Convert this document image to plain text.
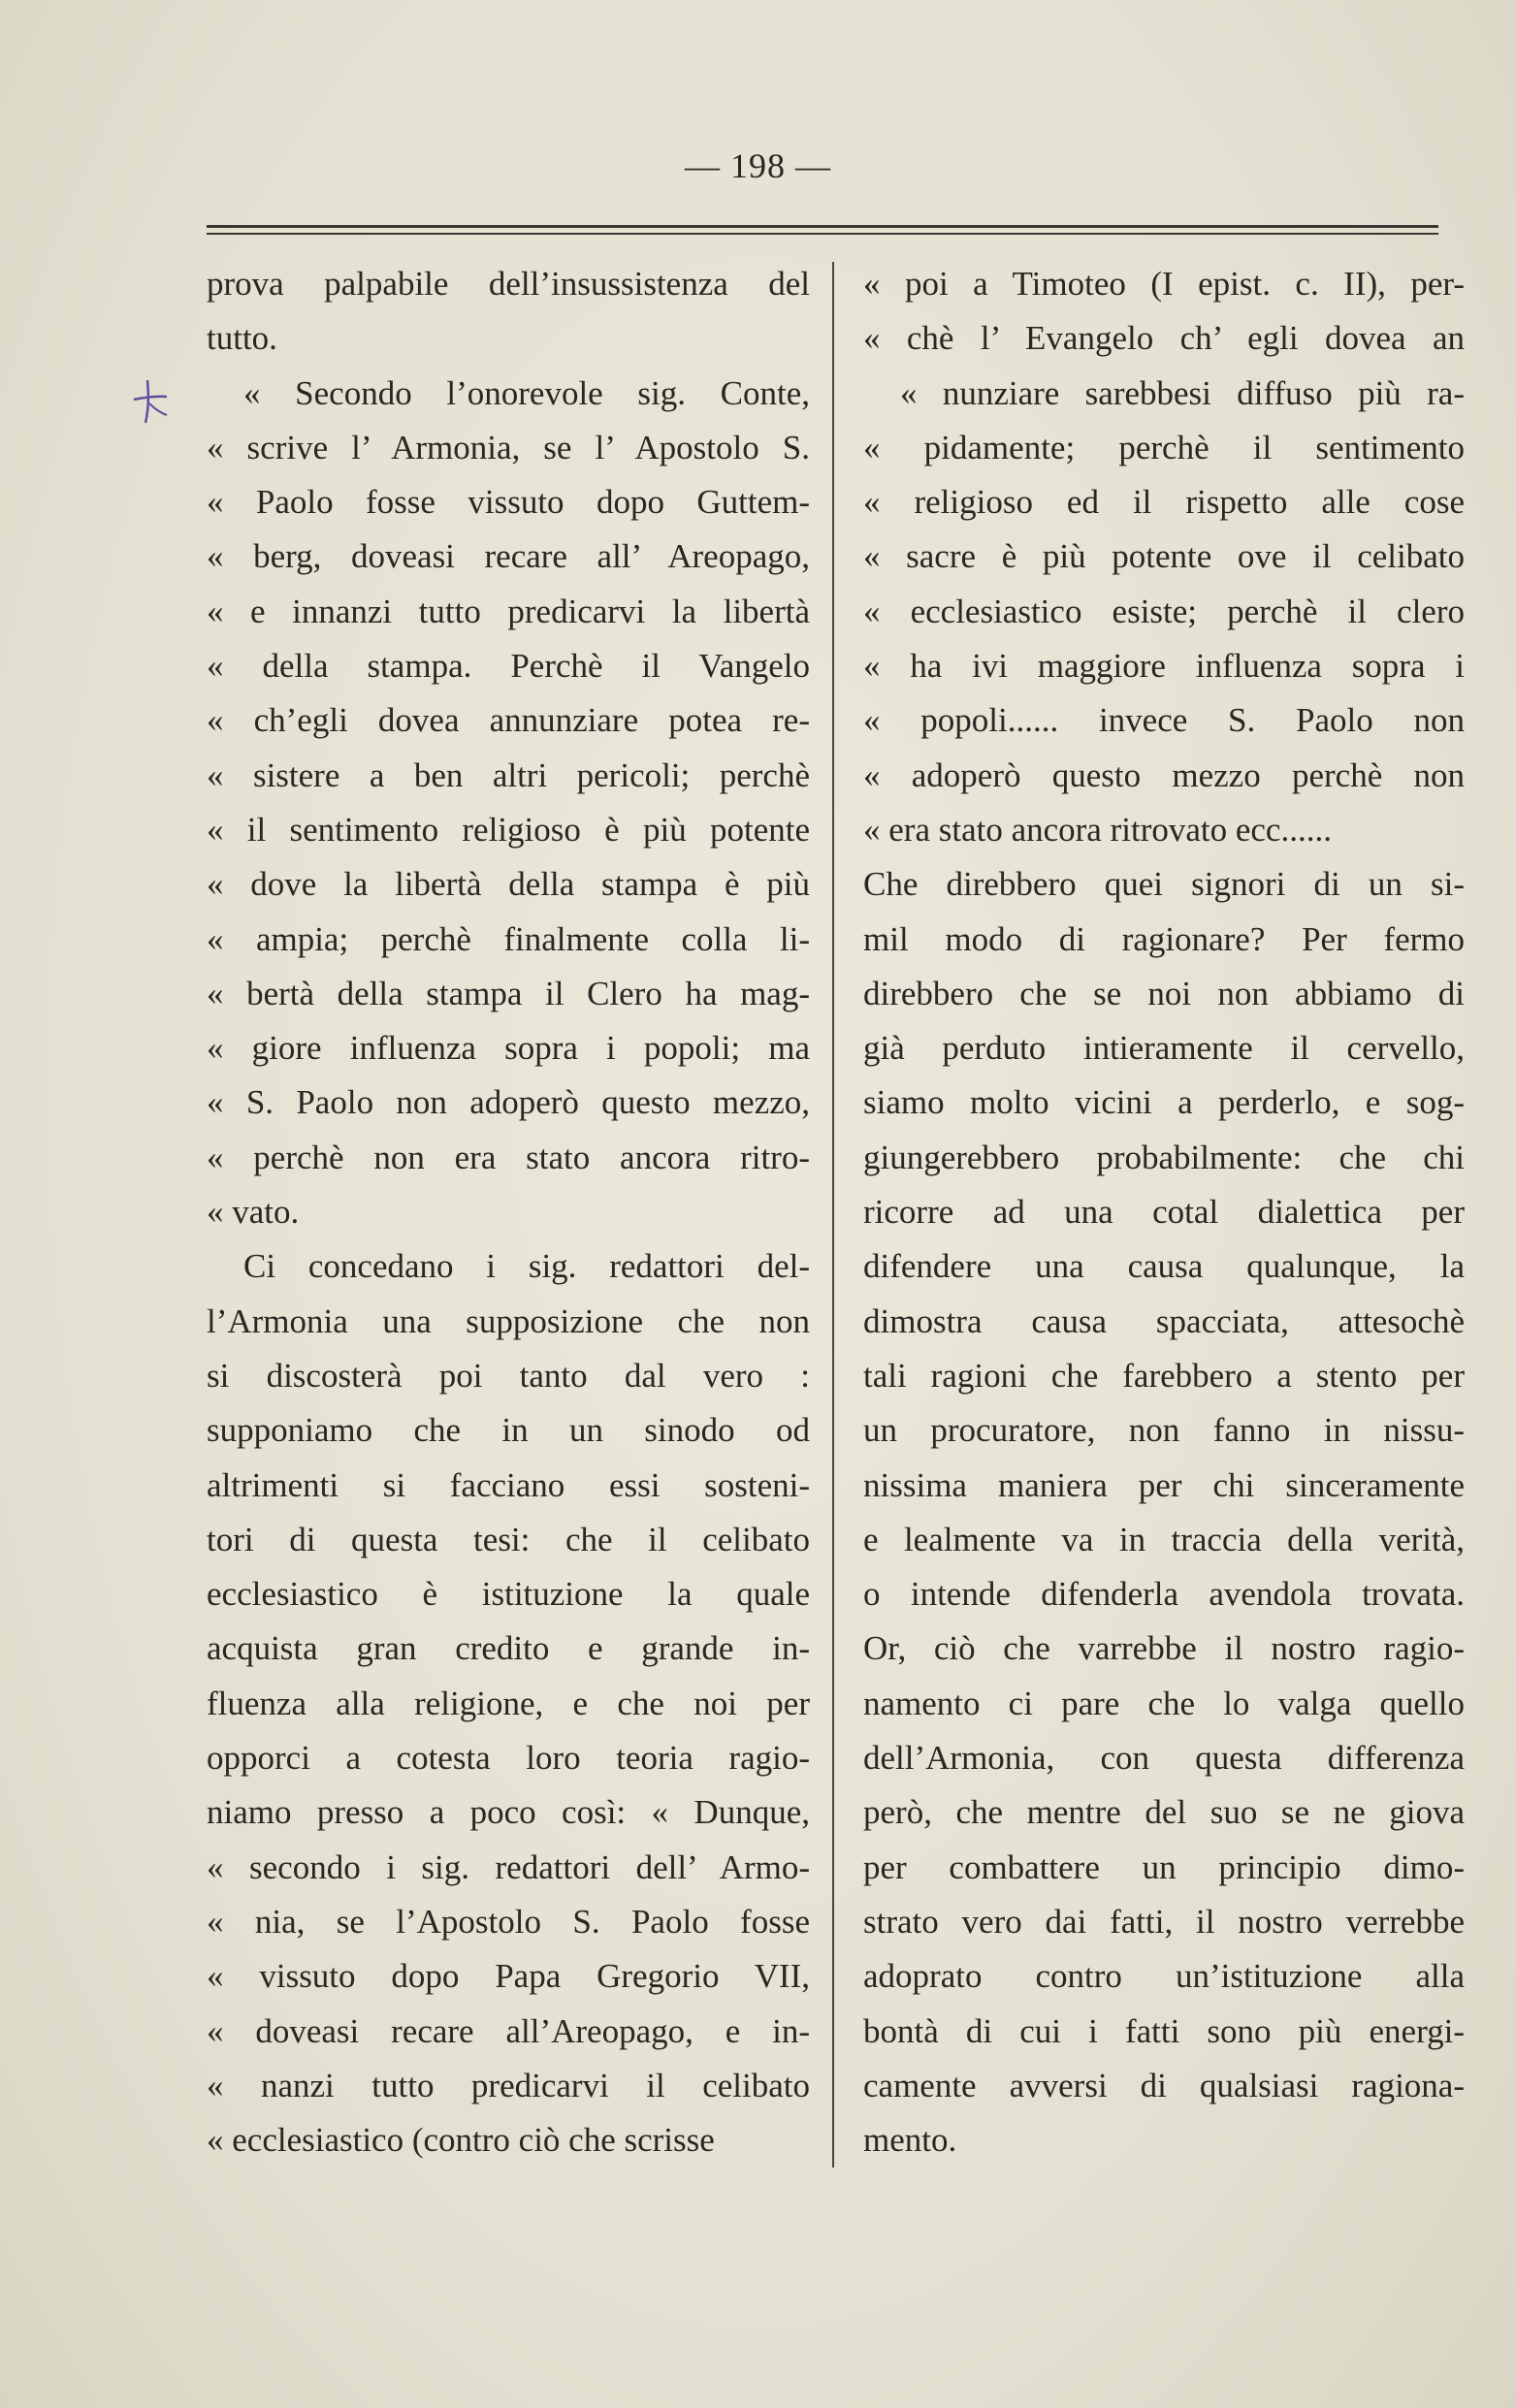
— 198 —
prova palpabile dell’insussistenza del
tutto.
« Secondo l’onorevole sig. Conte,
« scrive l’ Armonia, se l’ Apostolo S.
« Paolo fosse vissuto dopo Guttem-
« berg, doveasi recare all’ Areopago,
« e innanzi tutto predicarvi la libertà
« della stampa. Perchè il Vangelo
« ch’egli dovea annunziare potea re-
« sistere a ben altri pericoli; perchè
« il sentimento religioso è più potente
« dove la libertà della stampa è più
« ampia; perchè finalmente colla li-
« bertà della stampa il Clero ha mag-
« giore influenza sopra i popoli; ma
« S. Paolo non adoperò questo mezzo,
« perchè non era stato ancora ritro-
« vato.
Ci concedano i sig. redattori del-
l’Armonia una supposizione che non
si discosterà poi tanto dal vero :
supponiamo che in un sinodo od
altrimenti si facciano essi sosteni-
tori di questa tesi: che il celibato
ecclesiastico è istituzione la quale
acquista gran credito e grande in-
fluenza alla religione, e che noi per
opporci a cotesta loro teoria ragio-
niamo presso a poco così: « Dunque,
« secondo i sig. redattori dell’ Armo-
« nia, se l’Apostolo S. Paolo fosse
« vissuto dopo Papa Gregorio VII,
« doveasi recare all’Areopago, e in-
« nanzi tutto predicarvi il celibato
« ecclesiastico (contro ciò che scrisse
« poi a Timoteo (I epist. c. II), per-
« chè l’ Evangelo ch’ egli dovea an
« nunziare sarebbesi diffuso più ra-
« pidamente; perchè il sentimento
« religioso ed il rispetto alle cose
« sacre è più potente ove il celibato
« ecclesiastico esiste; perchè il clero
« ha ivi maggiore influenza sopra i
« popoli...... invece S. Paolo non
« adoperò questo mezzo perchè non
« era stato ancora ritrovato ecc......
Che direbbero quei signori di un si-
mil modo di ragionare? Per fermo
direbbero che se noi non abbiamo di
già perduto intieramente il cervello,
siamo molto vicini a perderlo, e sog-
giungerebbero probabilmente: che chi
ricorre ad una cotal dialettica per
difendere una causa qualunque, la
dimostra causa spacciata, attesochè
tali ragioni che farebbero a stento per
un procuratore, non fanno in nissu-
nissima maniera per chi sinceramente
e lealmente va in traccia della verità,
o intende difenderla avendola trovata.
Or, ciò che varrebbe il nostro ragio-
namento ci pare che lo valga quello
dell’Armonia, con questa differenza
però, che mentre del suo se ne giova
per combattere un principio dimo-
strato vero dai fatti, il nostro verrebbe
adoprato contro un’istituzione alla
bontà di cui i fatti sono più energi-
camente avversi di qualsiasi ragiona-
mento.
